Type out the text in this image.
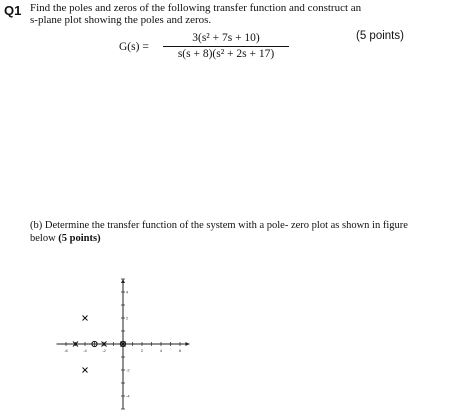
Q1 Find the poles and zeros of the following transfer function and construct an
s-plane plot showing the poles and zeros.
G(s) =
3(s² + 7s + 10)
s(s + 8)(s² + 2s + 17)
(5 points)
(b) Determine the transfer function of the system with a pole- zero plot as shown in figure
below (5 points)
-6	-4	-2	2	4	6
4
2
-2
-4
